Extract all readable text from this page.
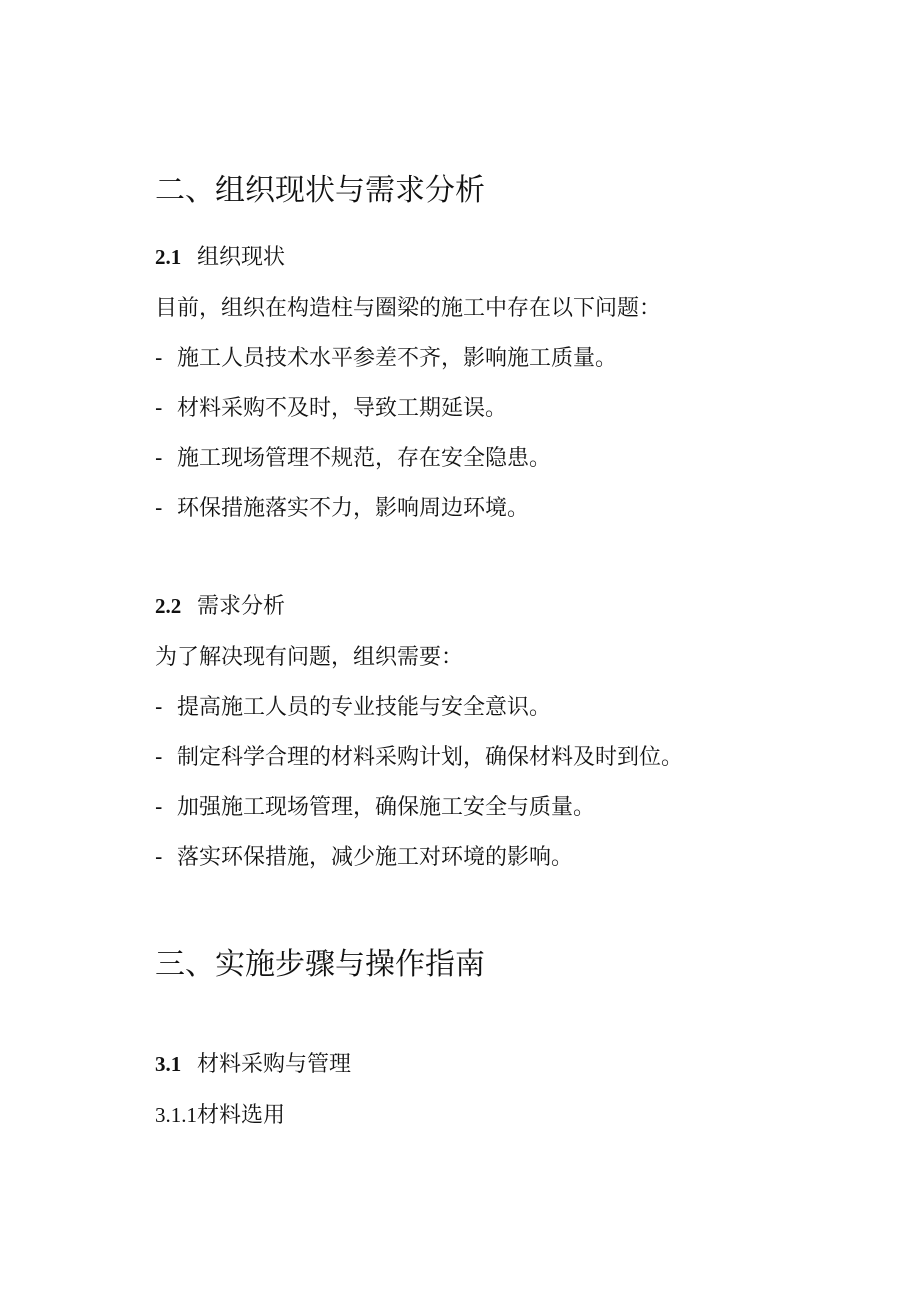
二、组织现状与需求分析
2.1 组织现状
目前，组织在构造柱与圈梁的施工中存在以下问题：
- 施工人员技术水平参差不齐，影响施工质量。
- 材料采购不及时，导致工期延误。
- 施工现场管理不规范，存在安全隐患。
- 环保措施落实不力，影响周边环境。
2.2 需求分析
为了解决现有问题，组织需要：
- 提高施工人员的专业技能与安全意识。
- 制定科学合理的材料采购计划，确保材料及时到位。
- 加强施工现场管理，确保施工安全与质量。
- 落实环保措施，减少施工对环境的影响。
三、实施步骤与操作指南
3.1 材料采购与管理
3.1.1材料选用
